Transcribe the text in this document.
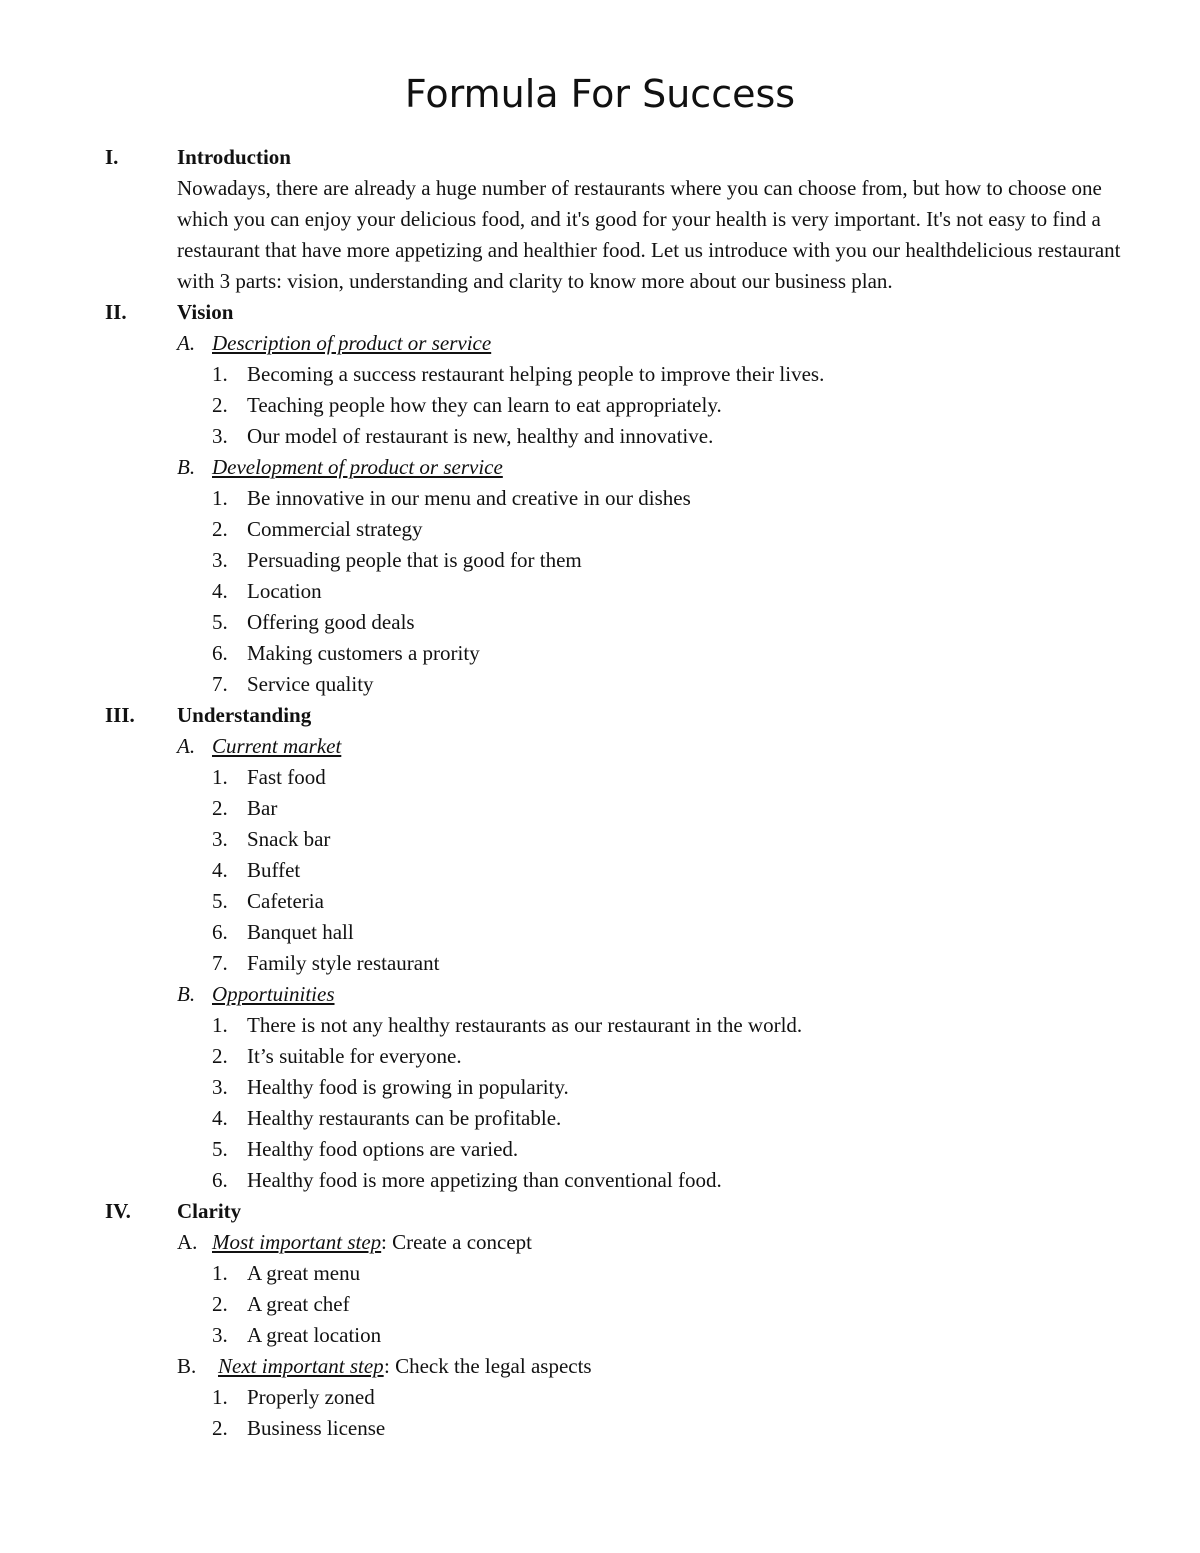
Formula For Success
I.	Introduction
Nowadays, there are already a huge number of restaurants where you can choose from, but how to choose one which you can enjoy your delicious food, and it's good for your health is very important. It's not easy to find a restaurant that have more appetizing and healthier food. Let us introduce with you our healthdelicious restaurant with 3 parts: vision, understanding and clarity to know more about our business plan.
II. Vision
A. Description of product or service
1. Becoming a success restaurant helping people to improve their lives.
2. Teaching people how they can learn to eat appropriately.
3. Our model of restaurant is new, healthy and innovative.
B. Development of product or service
1. Be innovative in our menu and creative in our dishes
2. Commercial strategy
3. Persuading people that is good for them
4. Location
5. Offering good deals
6. Making customers a prority
7. Service quality
III. Understanding
A. Current market
1. Fast food
2. Bar
3. Snack bar
4. Buffet
5. Cafeteria
6. Banquet hall
7. Family style restaurant
B. Opportuinities
1. There is not any healthy restaurants as our restaurant in the world.
2. It’s suitable for everyone.
3. Healthy food is growing in popularity.
4. Healthy restaurants can be profitable.
5. Healthy food options are varied.
6. Healthy food is more appetizing than conventional food.
IV. Clarity
A. Most important step : Create a concept
1. A great menu
2. A great chef
3. A great location
B. Next important step : Check the legal aspects
1. Properly zoned
2. Business license
